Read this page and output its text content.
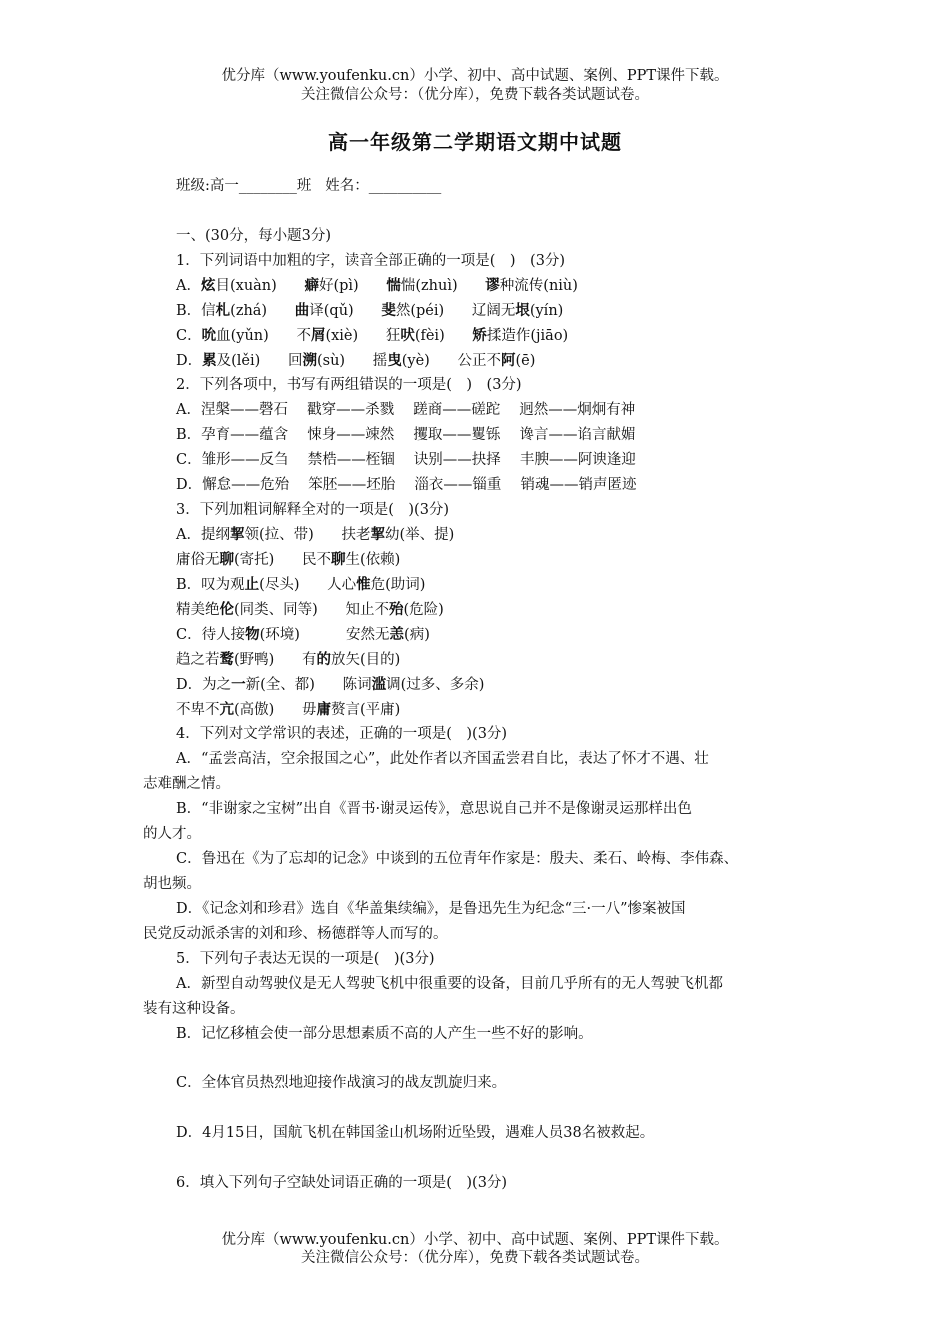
优分库（www.youfenku.cn）小学、初中、高中试题、案例、PPT课件下载。
关注微信公众号：（优分库），免费下载各类试题试卷。
高一年级第二学期语文期中试题
班级:高一________班 姓名：__________
一、(30分，每小题3分)
1．下列词语中加粗的字，读音全部正确的一项是(　)　(3分)
A．炫目(xuàn) 癖好(pì) 惴惴(zhuì) 谬种流传(niù)
B．信札(zhá) 曲译(qǔ) 斐然(péi) 辽阔无垠(yín)
C．吮血(yǔn) 不屑(xiè) 狂吠(fèi) 矫揉造作(jiāo)
D．累及(lěi) 回溯(sù) 摇曳(yè) 公正不阿(ē)
2．下列各项中，书写有两组错误的一项是(　)　(3分)
A．涅槃——磬石　 戳穿——杀戮　 蹉商——磋跎　 迥然——炯炯有神
B．孕育——蕴含　 悚身——竦然　 攫取——矍铄　 谗言——谄言献媚
C．雏形——反刍　 禁梏——桎锢　 诀别——抉择　 丰腴——阿谀逢迎
D．懈怠——危殆　 笨胚——坯胎　 淄衣——锱重　 销魂——销声匿迹
3．下列加粗词解释全对的一项是(　)(3分)
A．提纲挈领(拉、带) 扶老挈幼(举、提)
庸俗无聊(寄托) 民不聊生(依赖)
B．叹为观止(尽头) 人心惟危(助词)
精美绝伦(同类、同等) 知止不殆(危险)
C．待人接物(环境)	安然无恙(病)
趋之若鹜(野鸭) 有的放矢(目的)
D．为之一新(全、都) 陈词滥调(过多、多余)
不卑不亢(高傲) 毋庸赘言(平庸)
4．下列对文学常识的表述，正确的一项是(　)(3分)
A．“孟尝高洁，空余报国之心”，此处作者以齐国孟尝君自比，表达了怀才不遇、壮
志难酬之情。
B．“非谢家之宝树”出自《晋书·谢灵运传》，意思说自己并不是像谢灵运那样出色
的人才。
C．鲁迅在《为了忘却的记念》中谈到的五位青年作家是：殷夫、柔石、岭梅、李伟森、
胡也频。
D．《记念刘和珍君》选自《华盖集续编》，是鲁迅先生为纪念“三·一八”惨案被国
民党反动派杀害的刘和珍、杨德群等人而写的。
5．下列句子表达无误的一项是(　)(3分)
A．新型自动驾驶仪是无人驾驶飞机中很重要的设备，目前几乎所有的无人驾驶飞机都
装有这种设备。
B．记忆移植会使一部分思想素质不高的人产生一些不好的影响。
C．全体官员热烈地迎接作战演习的战友凯旋归来。
D．4月15日，国航飞机在韩国釜山机场附近坠毁，遇难人员38名被救起。
6．填入下列句子空缺处词语正确的一项是(　)(3分)
优分库（www.youfenku.cn）小学、初中、高中试题、案例、PPT课件下载。
关注微信公众号：（优分库），免费下载各类试题试卷。
